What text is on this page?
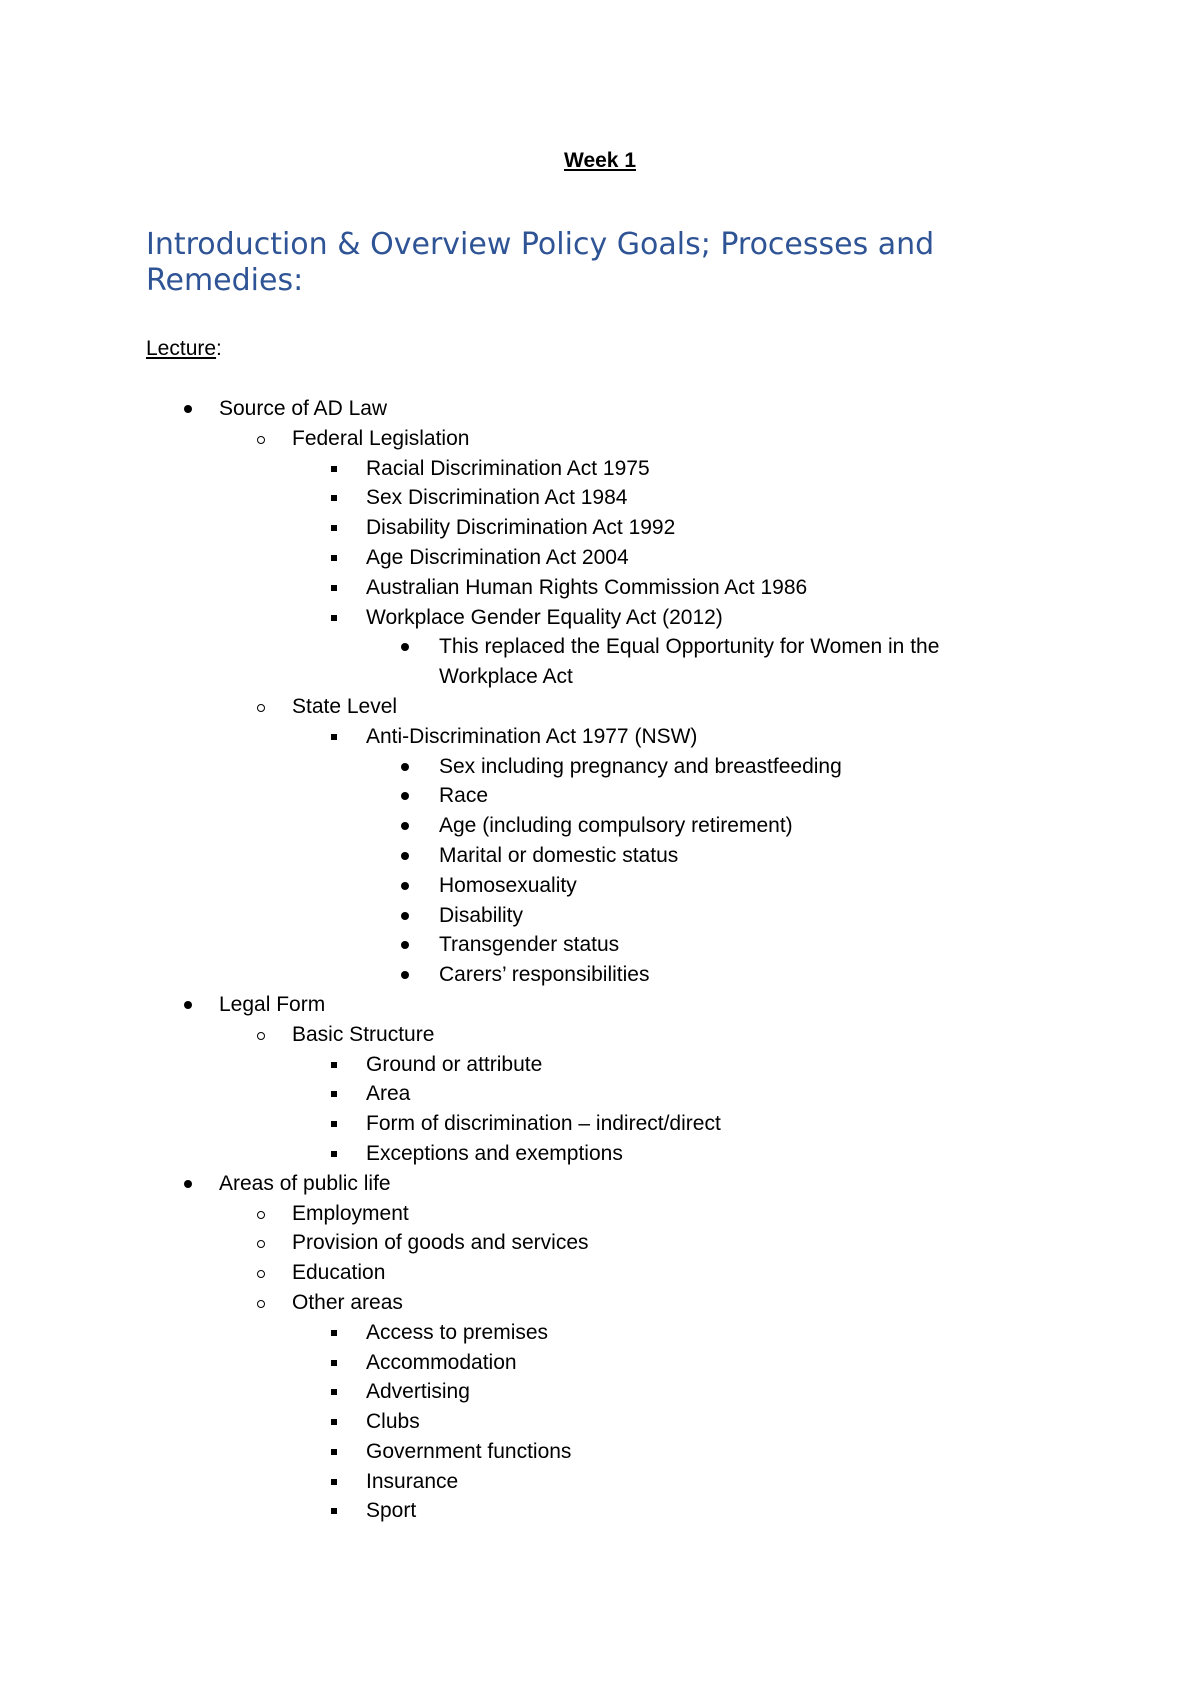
Week 1
Introduction & Overview Policy Goals; Processes and Remedies:
Lecture:
Source of AD Law
Federal Legislation
Racial Discrimination Act 1975
Sex Discrimination Act 1984
Disability Discrimination Act 1992
Age Discrimination Act 2004
Australian Human Rights Commission Act 1986
Workplace Gender Equality Act (2012)
This replaced the Equal Opportunity for Women in the Workplace Act
State Level
Anti-Discrimination Act 1977 (NSW)
Sex including pregnancy and breastfeeding
Race
Age (including compulsory retirement)
Marital or domestic status
Homosexuality
Disability
Transgender status
Carers’ responsibilities
Legal Form
Basic Structure
Ground or attribute
Area
Form of discrimination – indirect/direct
Exceptions and exemptions
Areas of public life
Employment
Provision of goods and services
Education
Other areas
Access to premises
Accommodation
Advertising
Clubs
Government functions
Insurance
Sport
